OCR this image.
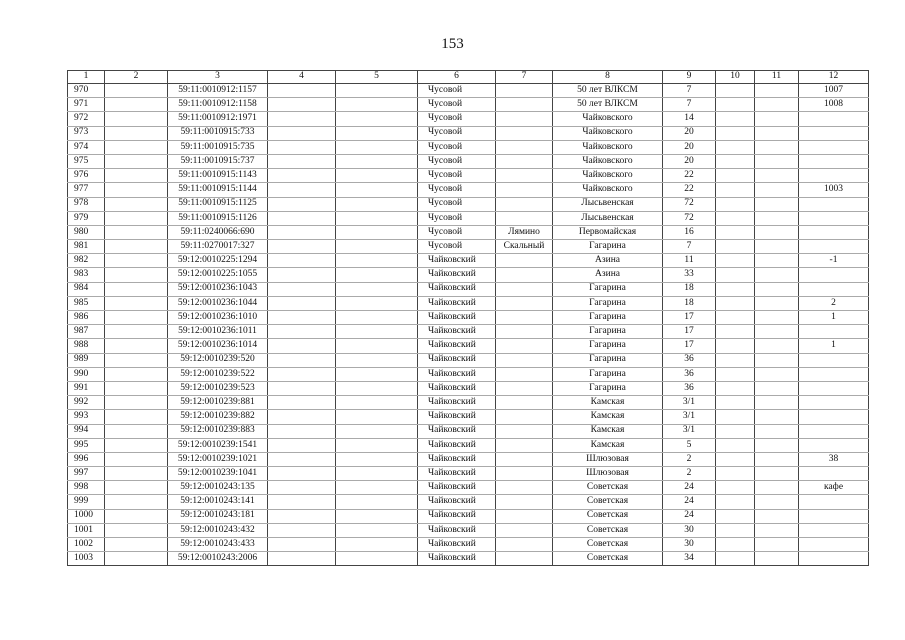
153
1	2	3	4	5	6	7	8	9	10	11	12
970		59:11:0010912:1157			Чусовой		50 лет ВЛКСМ	7			1007
971		59:11:0010912:1158			Чусовой		50 лет ВЛКСМ	7			1008
972		59:11:0010912:1971			Чусовой		Чайковского	14			
973		59:11:0010915:733			Чусовой		Чайковского	20			
974		59:11:0010915:735			Чусовой		Чайковского	20			
975		59:11:0010915:737			Чусовой		Чайковского	20			
976		59:11:0010915:1143			Чусовой		Чайковского	22			
977		59:11:0010915:1144			Чусовой		Чайковского	22			1003
978		59:11:0010915:1125			Чусовой		Лысьвенская	72			
979		59:11:0010915:1126			Чусовой		Лысьвенская	72			
980		59:11:0240066:690			Чусовой	Лямино	Первомайская	16			
981		59:11:0270017:327			Чусовой	Скальный	Гагарина	7			
982		59:12:0010225:1294			Чайковский		Азина	11			-1
983		59:12:0010225:1055			Чайковский		Азина	33			
984		59:12:0010236:1043			Чайковский		Гагарина	18			
985		59:12:0010236:1044			Чайковский		Гагарина	18			2
986		59:12:0010236:1010			Чайковский		Гагарина	17			1
987		59:12:0010236:1011			Чайковский		Гагарина	17			
988		59:12:0010236:1014			Чайковский		Гагарина	17			1
989		59:12:0010239:520			Чайковский		Гагарина	36			
990		59:12:0010239:522			Чайковский		Гагарина	36			
991		59:12:0010239:523			Чайковский		Гагарина	36			
992		59:12:0010239:881			Чайковский		Камская	3/1			
993		59:12:0010239:882			Чайковский		Камская	3/1			
994		59:12:0010239:883			Чайковский		Камская	3/1			
995		59:12:0010239:1541			Чайковский		Камская	5			
996		59:12:0010239:1021			Чайковский		Шлюзовая	2			38
997		59:12:0010239:1041			Чайковский		Шлюзовая	2			
998		59:12:0010243:135			Чайковский		Советская	24			кафе
999		59:12:0010243:141			Чайковский		Советская	24			
1000		59:12:0010243:181			Чайковский		Советская	24			
1001		59:12:0010243:432			Чайковский		Советская	30			
1002		59:12:0010243:433			Чайковский		Советская	30			
1003		59:12:0010243:2006			Чайковский		Советская	34			
